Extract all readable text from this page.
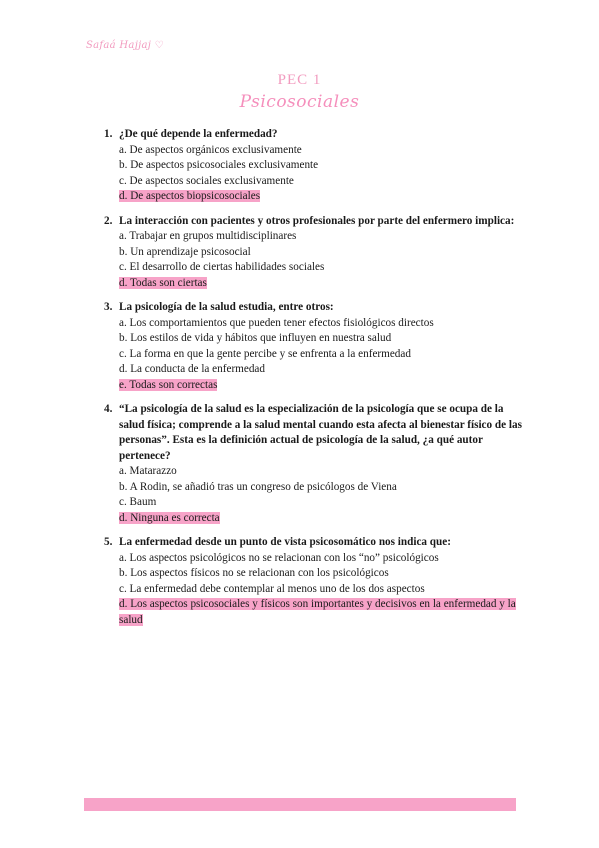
Safaá Hajjaj ♡
PEC 1
Psicosociales
1. ¿De qué depende la enfermedad?
a. De aspectos orgánicos exclusivamente
b. De aspectos psicosociales exclusivamente
c. De aspectos sociales exclusivamente
d. De aspectos biopsicosociales
2. La interacción con pacientes y otros profesionales por parte del enfermero implica:
a. Trabajar en grupos multidisciplinares
b. Un aprendizaje psicosocial
c. El desarrollo de ciertas habilidades sociales
d. Todas son ciertas
3. La psicología de la salud estudia, entre otros:
a. Los comportamientos que pueden tener efectos fisiológicos directos
b. Los estilos de vida y hábitos que influyen en nuestra salud
c. La forma en que la gente percibe y se enfrenta a la enfermedad
d. La conducta de la enfermedad
e. Todas son correctas
4. “La psicología de la salud es la especialización de la psicología que se ocupa de la salud física; comprende a la salud mental cuando esta afecta al bienestar físico de las personas”. Esta es la definición actual de psicología de la salud, ¿a qué autor pertenece?
a. Matarazzo
b. A Rodin, se añadió tras un congreso de psicólogos de Viena
c. Baum
d. Ninguna es correcta
5. La enfermedad desde un punto de vista psicosomático nos indica que:
a. Los aspectos psicológicos no se relacionan con los “no” psicológicos
b. Los aspectos físicos no se relacionan con los psicológicos
c. La enfermedad debe contemplar al menos uno de los dos aspectos
d. Los aspectos psicosociales y físicos son importantes y decisivos en la enfermedad y la salud
